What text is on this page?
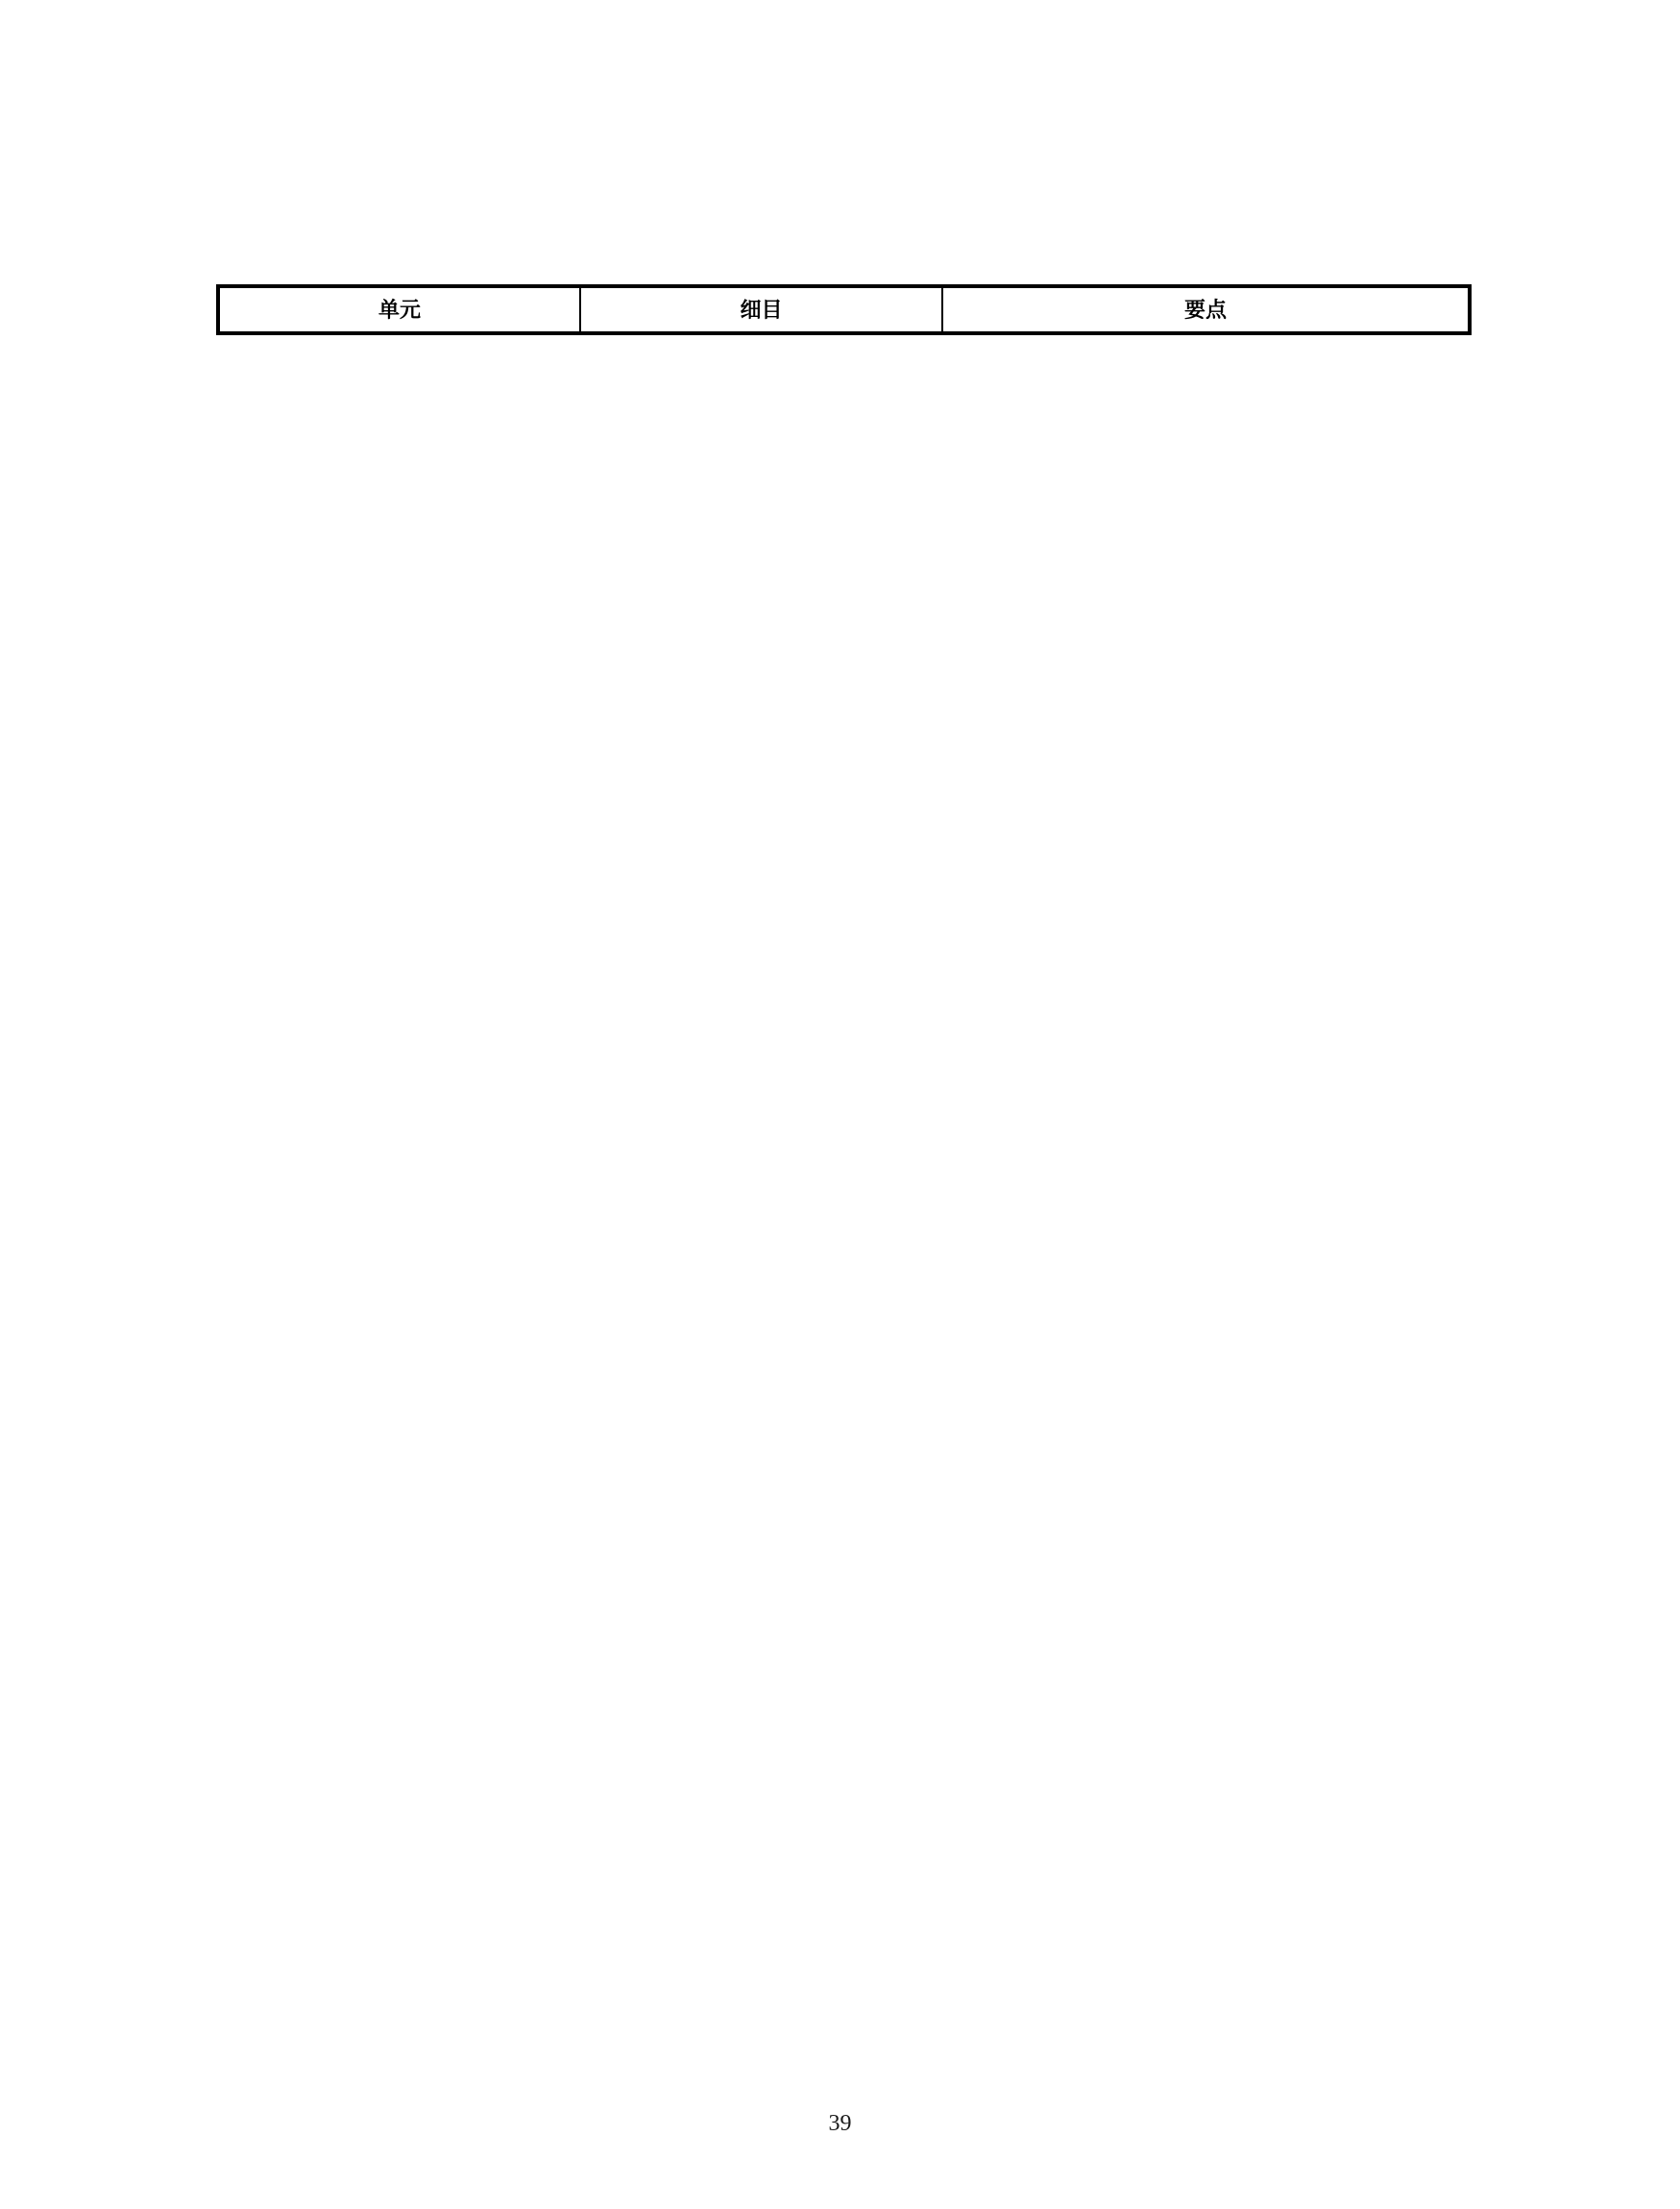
单元	细目	要点
39
